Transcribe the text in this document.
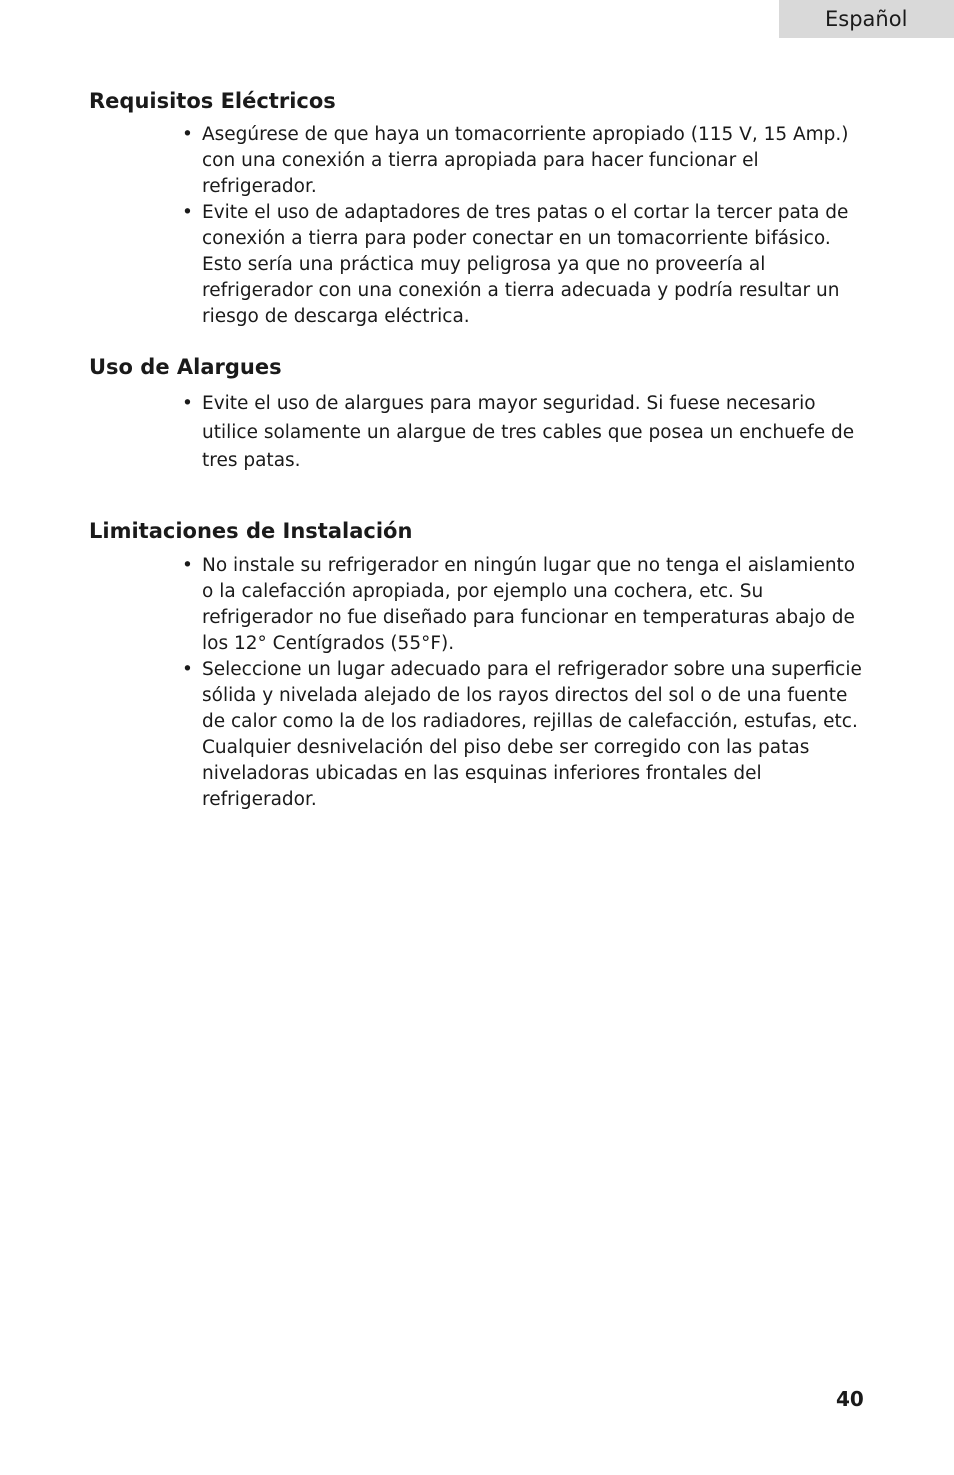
Español
Requisitos Eléctricos
• Asegúrese de que haya un tomacorriente apropiado (115 V, 15 Amp.) con una conexión a tierra apropiada para hacer funcionar el refrigerador.
• Evite el uso de adaptadores de tres patas o el cortar la tercer pata de conexión a tierra para poder conectar en un tomacorriente bifásico. Esto sería una práctica muy peligrosa ya que no proveería al refrigerador con una conexión a tierra adecuada y podría resultar un riesgo de descarga eléctrica.
Uso de Alargues
• Evite el uso de alargues para mayor seguridad. Si fuese necesario utilice solamente un alargue de tres cables que posea un enchuefe de tres patas.
Limitaciones de Instalación
• No instale su refrigerador en ningún lugar que no tenga el aislamiento o la calefacción apropiada, por ejemplo una cochera, etc. Su refrigerador no fue diseñado para funcionar en temperaturas abajo de los 12° Centígrados (55°F).
• Seleccione un lugar adecuado para el refrigerador sobre una superficie sólida y nivelada alejado de los rayos directos del sol o de una fuente de calor como la de los radiadores, rejillas de calefacción, estufas, etc. Cualquier desnivelación del piso debe ser corregido con las patas niveladoras ubicadas en las esquinas inferiores frontales del refrigerador.
40
